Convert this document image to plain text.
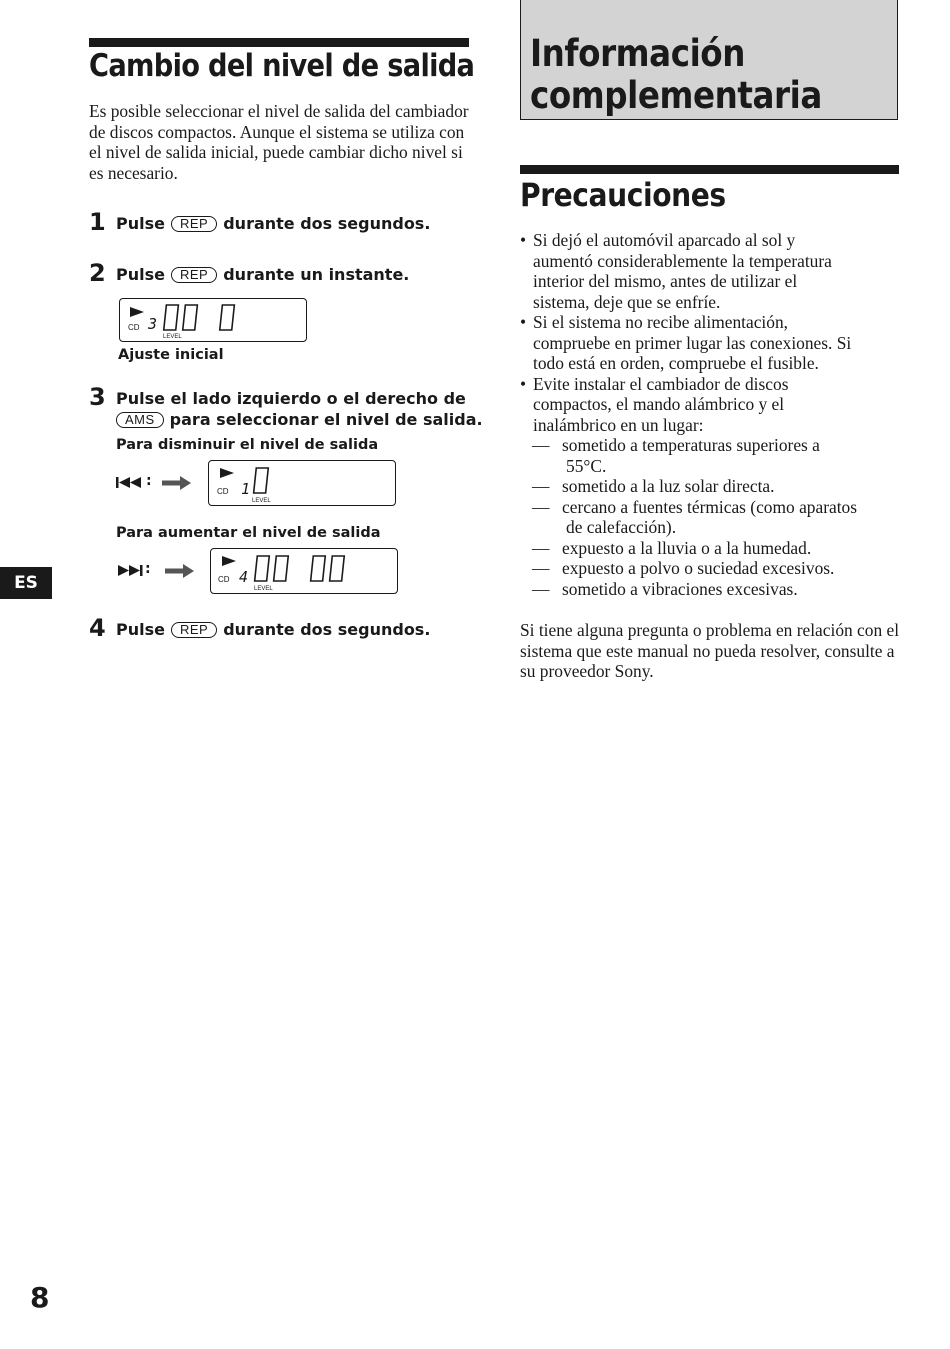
Cambio del nivel de salida

Es posible seleccionar el nivel de salida del cambiador de discos compactos. Aunque el sistema se utiliza con el nivel de salida inicial, puede cambiar dicho nivel si es necesario.

1 Pulse REP durante dos segundos.
2 Pulse REP durante un instante.
CD 3
LEVEL
Ajuste inicial
3 Pulse el lado izquierdo o el derecho de
AMS para seleccionar el nivel de salida.
Para disminuir el nivel de salida
:
CD 1
LEVEL
Para aumentar el nivel de salida
:
CD 4
LEVEL
4 Pulse REP durante dos segundos.
ES
8
Información
complementaria
Precauciones
• Si dejó el automóvil aparcado al sol y
aumentó considerablemente la temperatura
interior del mismo, antes de utilizar el
sistema, deje que se enfríe.
• Si el sistema no recibe alimentación,
compruebe en primer lugar las conexiones. Si
todo está en orden, compruebe el fusible.
• Evite instalar el cambiador de discos
compactos, el mando alámbrico y el
inalámbrico en un lugar:
— sometido a temperaturas superiores a
55°C.
— sometido a la luz solar directa.
— cercano a fuentes térmicas (como aparatos
de calefacción).
— expuesto a la lluvia o a la humedad.
— expuesto a polvo o suciedad excesivos.
— sometido a vibraciones excesivas.

Si tiene alguna pregunta o problema en relación con el sistema que este manual no pueda resolver, consulte a su proveedor Sony.
